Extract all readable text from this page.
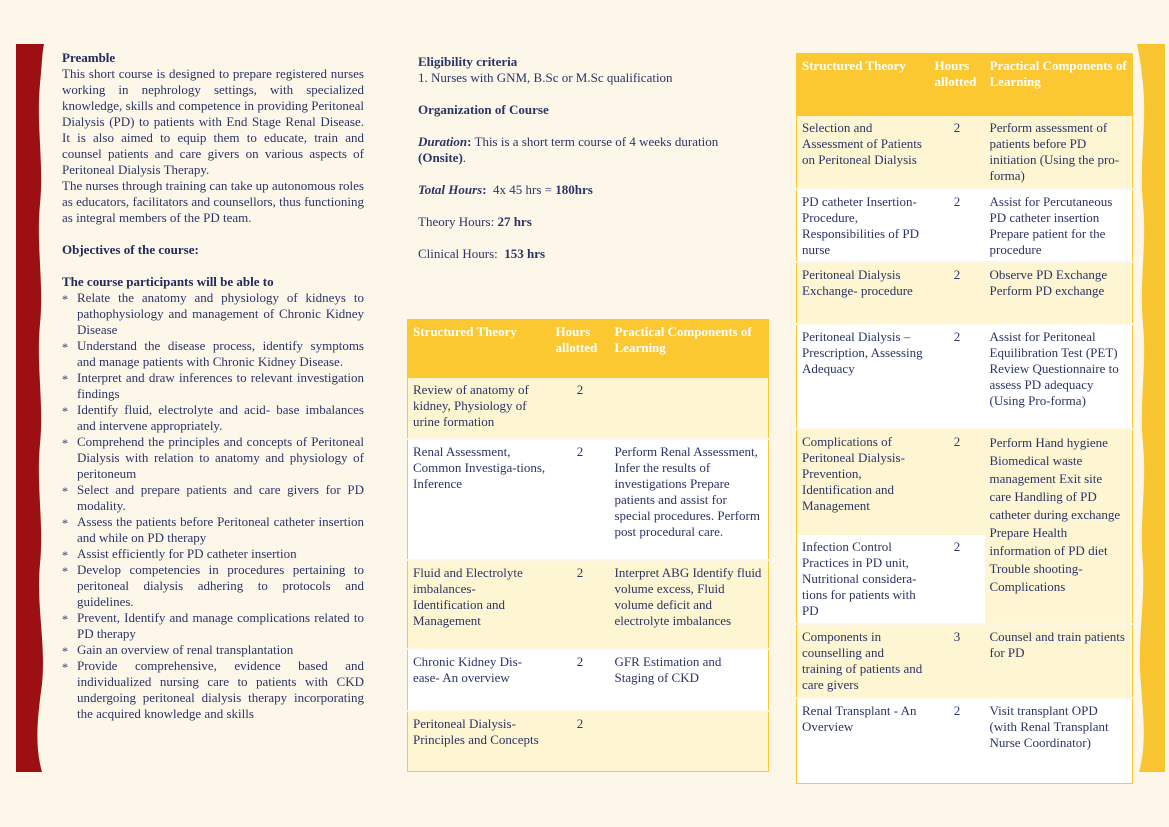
Preamble

This short course is designed to prepare registered nurses working in nephrology settings, with specialized knowledge, skills and competence in providing Peritoneal Dialysis (PD) to patients with End Stage Renal Disease. It is also aimed to equip them to educate, train and counsel patients and care givers on various aspects of Peritoneal Dialysis Therapy.

The nurses through training can take up autonomous roles as educators, facilitators and counsellors, thus functioning as integral members of the PD team.

Objectives of the course:

The course participants will be able to

* Relate the anatomy and physiology of kidneys to pathophysiology and management of Chronic Kidney Disease
* Understand the disease process, identify symptoms and manage patients with Chronic Kidney Disease.
* Interpret and draw inferences to relevant investigation findings
* Identify fluid, electrolyte and acid- base imbalances and intervene appropriately.
* Comprehend the principles and concepts of Peritoneal Dialysis with relation to anatomy and physiology of peritoneum
* Select and prepare patients and care givers for PD modality.
* Assess the patients before Peritoneal catheter insertion and while on PD therapy
* Assist efficiently for PD catheter insertion
* Develop competencies in procedures pertaining to peritoneal dialysis adhering to protocols and guidelines.
* Prevent, Identify and manage complications related to PD therapy
* Gain an overview of renal transplantation
* Provide comprehensive, evidence based and individualized nursing care to patients with CKD undergoing peritoneal dialysis therapy incorporating the acquired knowledge and skills

Eligibility criteria

1. Nurses with GNM, B.Sc or M.Sc qualification

Organization of Course

Duration: This is a short term course of 4 weeks duration (Onsite).

Total Hours: 4x 45 hrs = 180hrs

Theory Hours: 27 hrs

Clinical Hours: 153 hrs

Structured Theory	Hours allotted	Practical Components of Learning
Review of anatomy of kidney, Physiology of urine formation	2	
Renal Assessment, Common Investiga-tions, Inference	2	Perform Renal Assessment, Infer the results of investigations Prepare patients and assist for special procedures. Perform post procedural care.
Fluid and Electrolyte imbalances- Identification and Management	2	Interpret ABG Identify fluid volume excess, Fluid volume deficit and electrolyte imbalances
Chronic Kidney Dis-ease- An overview	2	GFR Estimation and Staging of CKD
Peritoneal Dialysis- Principles and Concepts	2	
Structured Theory	Hours allotted	Practical Components of Learning
Selection and Assessment of Patients on Peritoneal Dialysis	2	Perform assessment of patients before PD initiation (Using the pro-forma)
PD catheter Insertion- Procedure, Responsibilities of PD nurse	2	Assist for Percutaneous PD catheter insertion Prepare patient for the procedure
Peritoneal Dialysis Exchange- procedure	2	Observe PD Exchange Perform PD exchange
Peritoneal Dialysis – Prescription, Assessing Adequacy	2	Assist for Peritoneal Equilibration Test (PET) Review Questionnaire to assess PD adequacy (Using Pro-forma)
Complications of Peritoneal Dialysis- Prevention, Identification and Management	2	Perform Hand hygiene Biomedical waste management Exit site care Handling of PD catheter during exchange Prepare Health information of PD diet Trouble shooting- Complications
Infection Control Practices in PD unit, Nutritional considera-tions for patients with PD	2	
Components in counselling and training of patients and care givers	3	Counsel and train patients for PD
Renal Transplant - An Overview	2	Visit transplant OPD (with Renal Transplant Nurse Coordinator)
